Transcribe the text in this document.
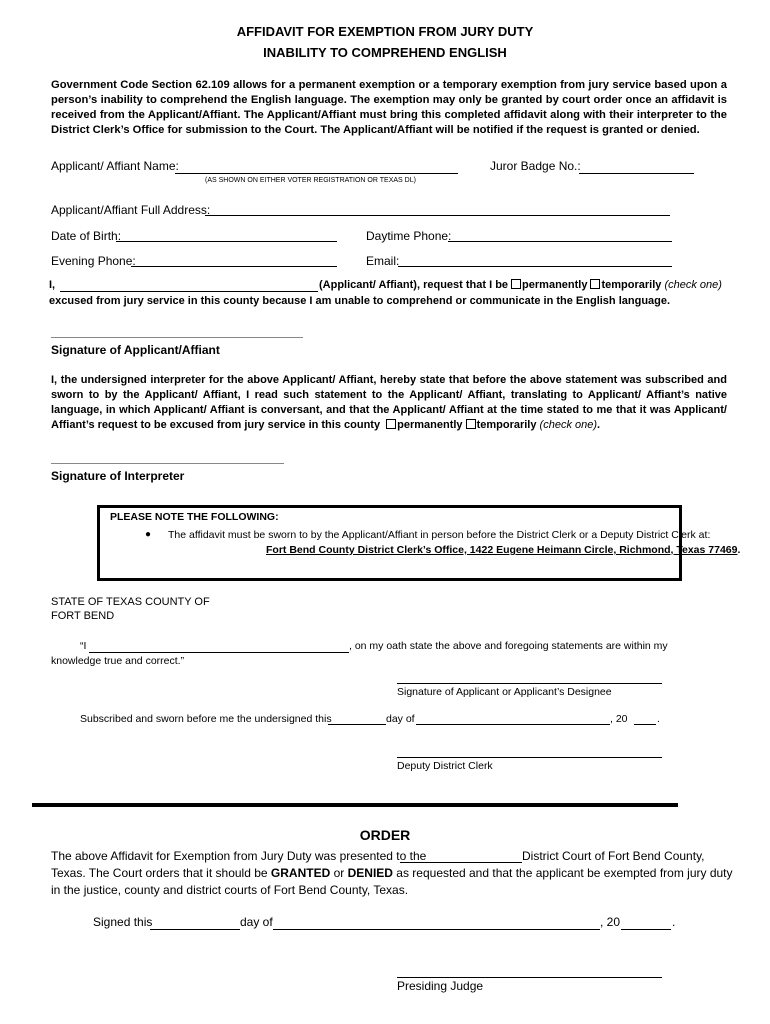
AFFIDAVIT FOR EXEMPTION FROM JURY DUTY
INABILITY TO COMPREHEND ENGLISH
Government Code Section 62.109 allows for a permanent exemption or a temporary exemption from jury service based upon a person’s inability to comprehend the English language. The exemption may only be granted by court order once an affidavit is received from the Applicant/Affiant. The Applicant/Affiant must bring this completed affidavit along with their interpreter to the District Clerk’s Office for submission to the Court. The Applicant/Affiant will be notified if the request is granted or denied.
Applicant/ Affiant Name:
(AS SHOWN ON EITHER VOTER REGISTRATION OR TEXAS DL)
Juror Badge No.:
Applicant/Affiant Full Address:
Date of Birth:	Daytime Phone:
Evening Phone:	Email:
I,	(Applicant/ Affiant), request that I be permanently temporarily (check one)
excused from jury service in this county because I am unable to comprehend or communicate in the English language.
Signature of Applicant/Affiant
I, the undersigned interpreter for the above Applicant/ Affiant, hereby state that before the above statement was subscribed and sworn to by the Applicant/ Affiant, I read such statement to the Applicant/ Affiant, translating to Applicant/ Affiant’s native language, in which Applicant/ Affiant is conversant, and that the Applicant/ Affiant at the time stated to me that it was Applicant/ Affiant’s request to be excused from jury service in this county permanently temporarily (check one).
Signature of Interpreter
PLEASE NOTE THE FOLLOWING:
● The affidavit must be sworn to by the Applicant/Affiant in person before the District Clerk or a Deputy District Clerk at:
Fort Bend County District Clerk’s Office, 1422 Eugene Heimann Circle, Richmond, Texas 77469.
STATE OF TEXAS COUNTY OF
FORT BEND
“I	, on my oath state the above and foregoing statements are within my
knowledge true and correct.”
Signature of Applicant or Applicant’s Designee
Subscribed and sworn before me the undersigned this	day of	, 20	.
Deputy District Clerk
ORDER
The above Affidavit for Exemption from Jury Duty was presented to the	District Court of Fort Bend County,
Texas. The Court orders that it should be GRANTED or DENIED as requested and that the applicant be exempted from jury duty
in the justice, county and district courts of Fort Bend County, Texas.
Signed this	day of	, 20	.
Presiding Judge
